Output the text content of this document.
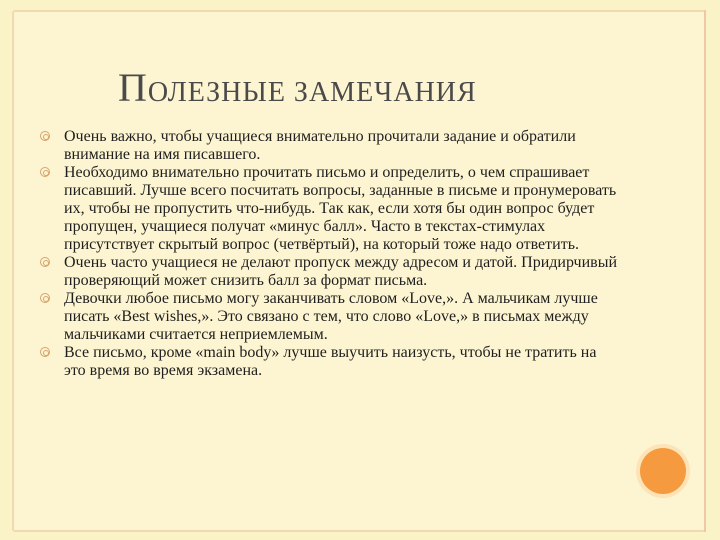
ПОЛЕЗНЫЕ ЗАМЕЧАНИЯ
Очень важно, чтобы учащиеся внимательно прочитали задание и обратили внимание на имя писавшего.
Необходимо внимательно прочитать письмо и определить, о чем спрашивает писавший. Лучше всего посчитать вопросы, заданные в письме и пронумеровать их, чтобы не пропустить что-нибудь. Так как, если хотя бы один вопрос будет пропущен, учащиеся получат «минус балл». Часто в текстах-стимулах присутствует скрытый вопрос (четвёртый), на который тоже надо ответить.
Очень часто учащиеся не делают пропуск между адресом и датой. Придирчивый проверяющий может снизить балл за формат письма.
Девочки любое письмо могу заканчивать словом «Love,». А мальчикам лучше писать «Best wishes,». Это связано с тем, что слово «Love,» в письмах между мальчиками считается неприемлемым.
Все письмо, кроме «main body» лучше выучить наизусть, чтобы не тратить на это время во время экзамена.
